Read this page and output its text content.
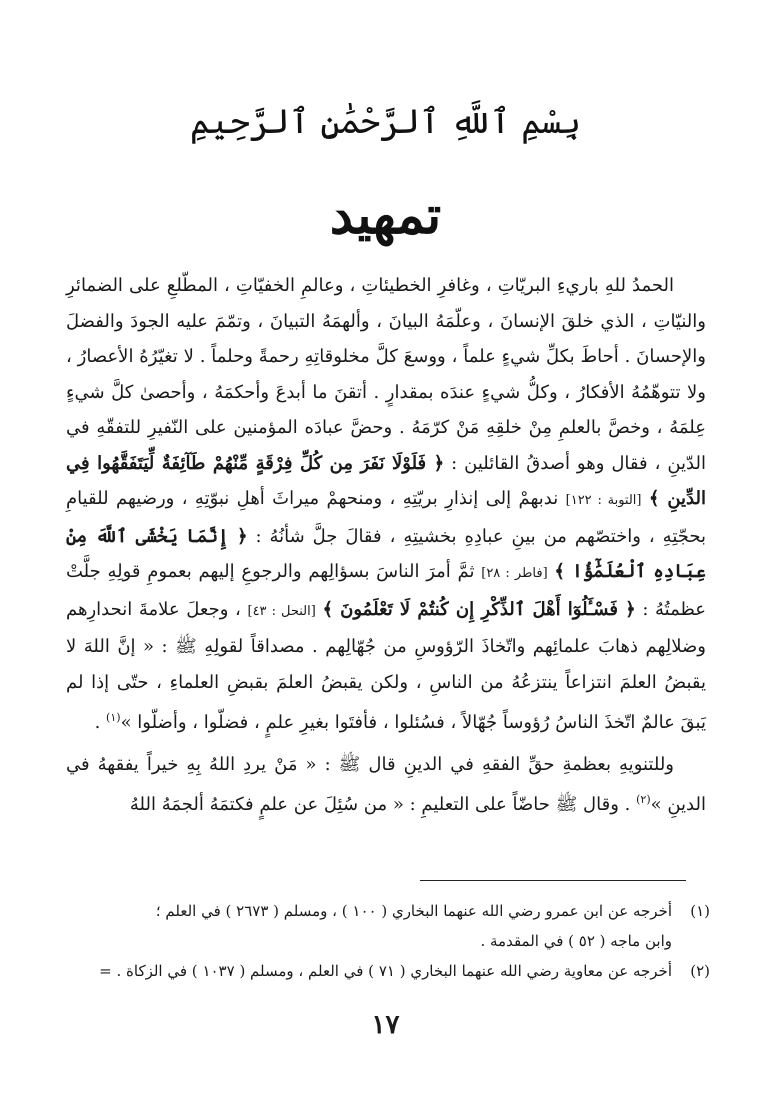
بِسْمِ ٱللَّهِ ٱلرَّحْمَٰنِ ٱلرَّحِيمِ
تمهيد

الحمدُ للهِ باريءِ البريّاتِ ، وغافرِ الخطيئاتِ ، وعالمِ الخفيّاتِ ، المطّلعِ على الضمائرِ والنيّاتِ ، الذي خلقَ الإنسانَ ، وعلّمَهُ البيانَ ، وألهمَهُ التبيانَ ، وتمّمَ عليه الجودَ والفضلَ والإحسانَ . أحاطَ بكلِّ شيءٍ علماً ، ووسعَ كلَّ مخلوقاتِهِ رحمةً وحلماً . لا تغيّرُهُ الأعصارُ ، ولا تتوهّمُهُ الأفكارُ ، وكلُّ شيءٍ عندَه بمقدارٍ . أتقنَ ما أبدعَ وأحكمَهُ ، وأحصىٰ كلَّ شيءٍ عِلمَهُ ، وخصَّ بالعلمِ مِنْ خلقِهِ مَنْ كرّمَهُ . وحضَّ عبادَه المؤمنين على النّفيرِ للتفقّهِ في الدّينِ ، فقال وهو أصدقُ القائلين : ﴿ فَلَوْلَا نَفَرَ مِن كُلِّ فِرْقَةٍ مِّنْهُمْ طَآئِفَةٌ لِّيَتَفَقَّهُوا فِي الدِّينِ ﴾ [التوبة : ١٢٢] ندبهمْ إلى إنذارِ بريّتِهِ ، ومنحهمْ ميراثَ أهلِ نبوّتِهِ ، ورضيهم للقيامِ بحجّتِهِ ، واختصّهم من بينِ عبادِهِ بخشيتِهِ ، فقالَ جلَّ شأنُهُ : ﴿ إِنَّمَا يَخْشَى ٱللَّهَ مِنْ عِبَادِهِ ٱلْعُلَمَٰٓؤُا ﴾ [فاطر : ٢٨] ثمَّ أمرَ الناسَ بسؤالِهم والرجوعِ إليهم بعمومِ قولِهِ جلَّتْ عظمتُهُ : ﴿ فَسْـَٔلُوٓا أَهْلَ ٱلذِّكْرِ إِن كُنتُمْ لَا تَعْلَمُونَ ﴾ [النحل : ٤٣] ، وجعلَ علامةَ انحدارِهم وضلالِهم ذهابَ علمائِهم واتّخاذَ الرّؤوسِ من جُهّالِهم . مصداقاً لقولِهِ ﷺ : « إنَّ اللهَ لا يقبضُ العلمَ انتزاعاً ينتزعُهُ من الناسِ ، ولكن يقبضُ العلمَ بقبضِ العلماءِ ، حتّى إذا لم يَبقَ عالمٌ اتّخذَ الناسُ رُؤوساً جُهّالاً ، فسُئلوا ، فأفتَوا بغيرِ علمٍ ، فضلّوا ، وأضلّوا »$^{(١)}$ .

وللتنويهِ بعظمةِ حقِّ الفقهِ في الدينِ قال ﷺ : « مَنْ يردِ اللهُ بِهِ خيراً يفقههُ في الدينِ »$^{(٢)}$ . وقال ﷺ حاضّاً على التعليمِ : « من سُئِلَ عن علمٍ فكتمَهُ ألجمَهُ اللهُ

(١)
أخرجه عن ابن عمرو رضي الله عنهما البخاري ( ١٠٠ ) ، ومسلم ( ٢٦٧٣ ) في العلم ؛
وابن ماجه ( ٥٢ ) في المقدمة .
(٢)
أخرجه عن معاوية رضي الله عنهما البخاري ( ٧١ ) في العلم ، ومسلم ( ١٠٣٧ ) في الزكاة . =
١٧
